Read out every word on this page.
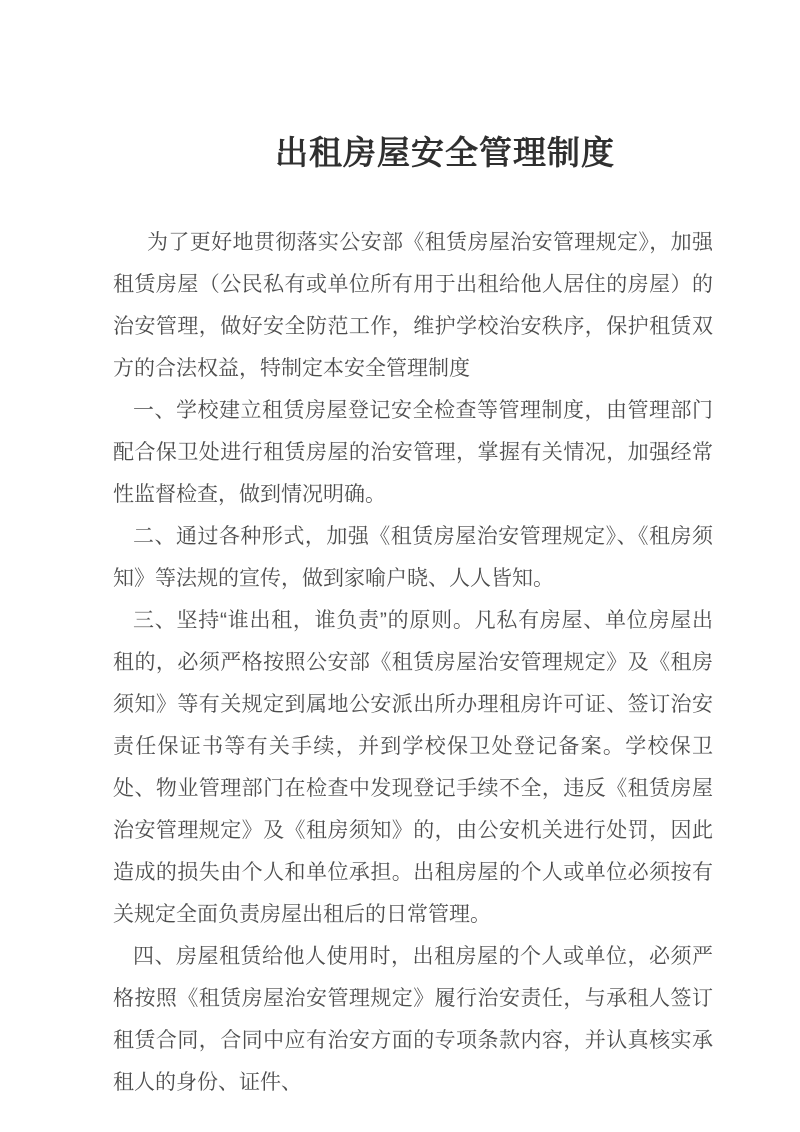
出租房屋安全管理制度

为了更好地贯彻落实公安部《租赁房屋治安管理规定》，加强租赁房屋（公民私有或单位所有用于出租给他人居住的房屋）的治安管理，做好安全防范工作，维护学校治安秩序，保护租赁双方的合法权益，特制定本安全管理制度

一、学校建立租赁房屋登记安全检查等管理制度，由管理部门配合保卫处进行租赁房屋的治安管理，掌握有关情况，加强经常性监督检查，做到情况明确。

二、通过各种形式，加强《租赁房屋治安管理规定》、《租房须知》等法规的宣传，做到家喻户晓、人人皆知。

三、坚持“谁出租，谁负责”的原则。凡私有房屋、单位房屋出租的，必须严格按照公安部《租赁房屋治安管理规定》及《租房须知》等有关规定到属地公安派出所办理租房许可证、签订治安责任保证书等有关手续，并到学校保卫处登记备案。学校保卫处、物业管理部门在检查中发现登记手续不全，违反《租赁房屋治安管理规定》及《租房须知》的，由公安机关进行处罚，因此造成的损失由个人和单位承担。出租房屋的个人或单位必须按有关规定全面负责房屋出租后的日常管理。

四、房屋租赁给他人使用时，出租房屋的个人或单位，必须严格按照《租赁房屋治安管理规定》履行治安责任，与承租人签订租赁合同，合同中应有治安方面的专项条款内容，并认真核实承租人的身份、证件、
